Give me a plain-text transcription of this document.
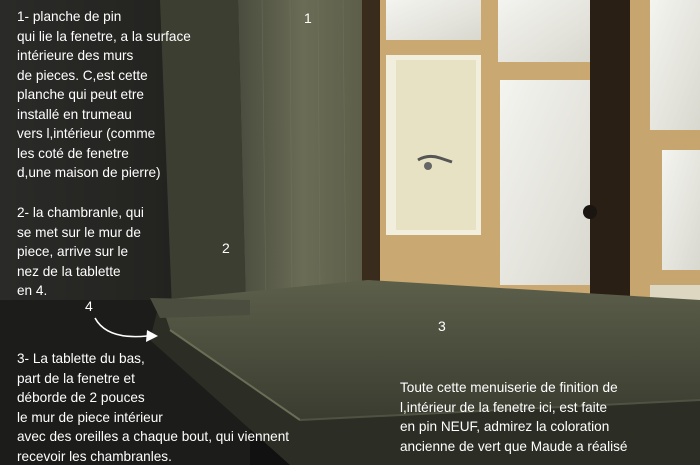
1- planche de pin
qui lie la fenetre, a la surface
intérieure des murs
de pieces. C,est cette
planche qui peut etre
installé en trumeau
vers l,intérieur (comme
les coté de fenetre
d,une maison de pierre)
2- la chambranle, qui
se met sur le mur de
piece, arrive sur le
nez de la tablette
en 4.
3- La tablette du bas,
part de la fenetre et
déborde de 2 pouces
le mur de piece intérieur
avec des oreilles a chaque bout, qui viennent
recevoir les chambranles.
Toute cette menuiserie de finition de
l,intérieur de la fenetre ici, est faite
en pin NEUF, admirez la coloration
ancienne de vert que Maude a réalisé
1
2
3
4
